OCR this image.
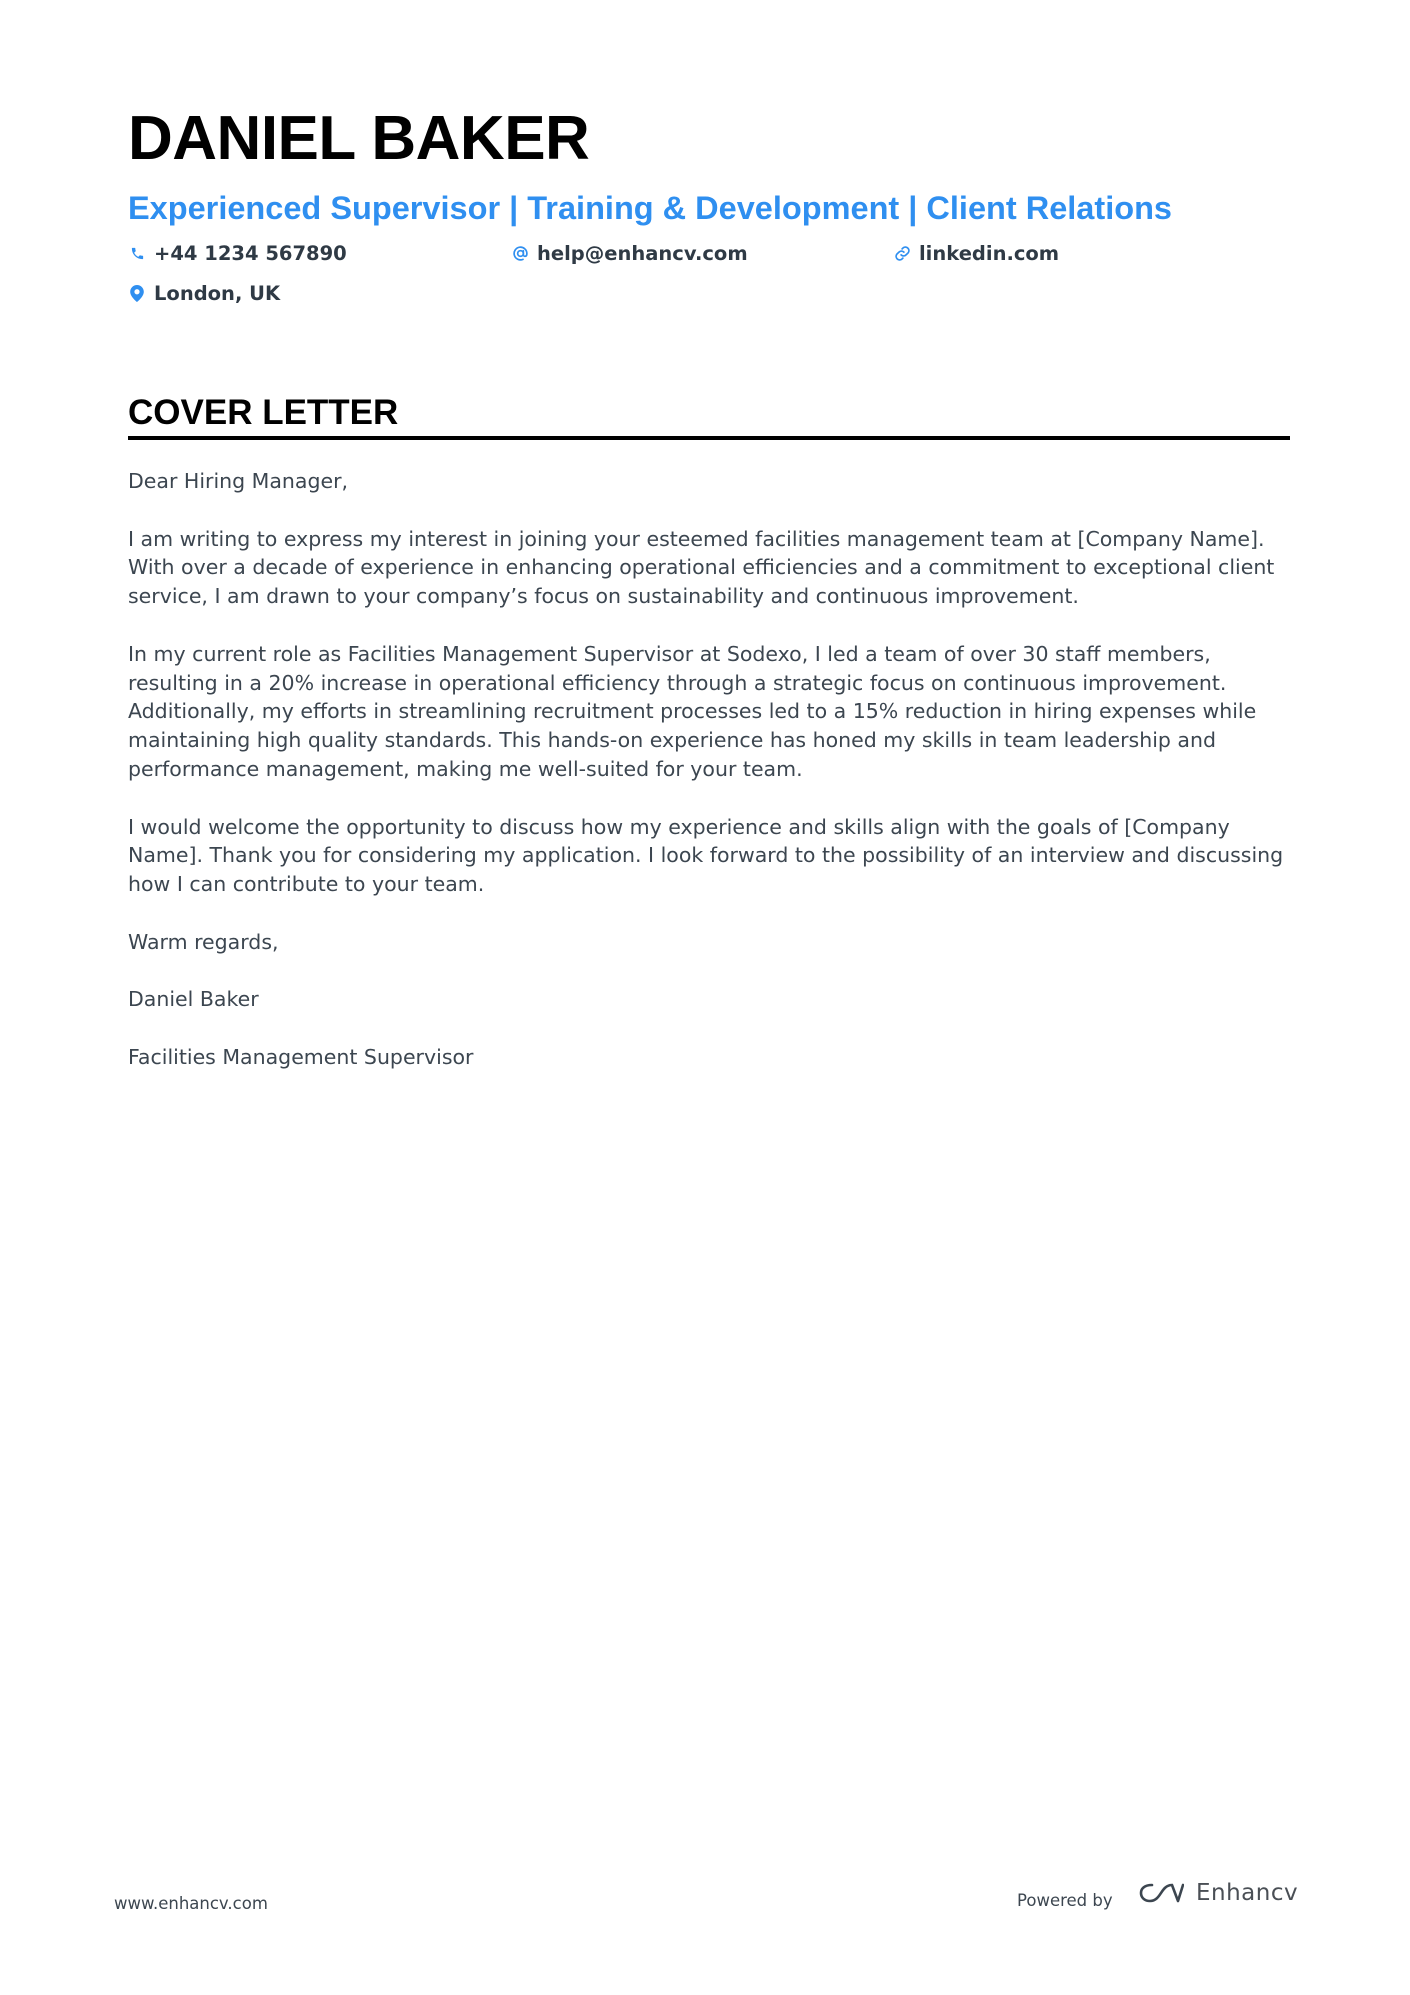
DANIEL BAKER
Experienced Supervisor | Training & Development | Client Relations
+44 1234 567890	help@enhancv.com	linkedin.com
London, UK
COVER LETTER

Dear Hiring Manager,

I am writing to express my interest in joining your esteemed facilities management team at [Company Name]. With over a decade of experience in enhancing operational efficiencies and a commitment to exceptional client service, I am drawn to your company’s focus on sustainability and continuous improvement.

In my current role as Facilities Management Supervisor at Sodexo, I led a team of over 30 staff members, resulting in a 20% increase in operational efficiency through a strategic focus on continuous improvement. Additionally, my efforts in streamlining recruitment processes led to a 15% reduction in hiring expenses while maintaining high quality standards. This hands-on experience has honed my skills in team leadership and performance management, making me well-suited for your team.

I would welcome the opportunity to discuss how my experience and skills align with the goals of [Company Name]. Thank you for considering my application. I look forward to the possibility of an interview and discussing how I can contribute to your team.

Warm regards,

Daniel Baker

Facilities Management Supervisor

www.enhancv.com	Powered by	Enhancv
